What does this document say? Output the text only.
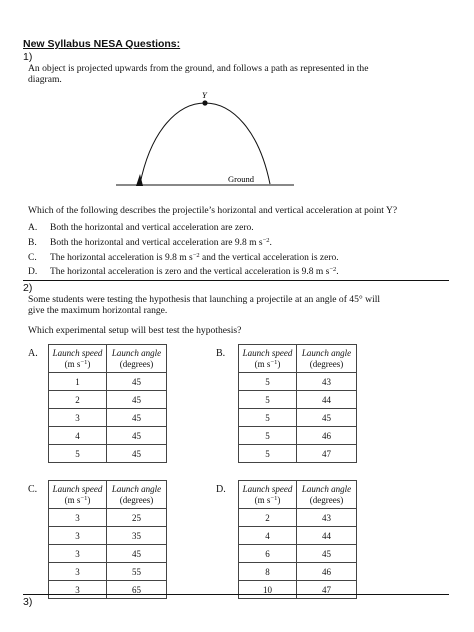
New Syllabus NESA Questions:
1)
An object is projected upwards from the ground, and follows a path as represented in the
diagram.
Y
Ground
Which of the following describes the projectile’s horizontal and vertical acceleration at point Y?
A. Both the horizontal and vertical acceleration are zero.
B. Both the horizontal and vertical acceleration are 9.8 m $s^{-2}$.
C. The horizontal acceleration is 9.8 m $s^{-2}$ and the vertical acceleration is zero.
D. The horizontal acceleration is zero and the vertical acceleration is 9.8 m $s^{-2}$.
2)
Some students were testing the hypothesis that launching a projectile at an angle of 45° will
give the maximum horizontal range.
Which experimental setup will best test the hypothesis?
A. Launch speed
(m $s^{-1}$)	Launch angle
(degrees)
1	45
2	45
3	45
4	45
5	45
B. Launch speed
(m $s^{-1}$)	Launch angle
(degrees)
5	43
5	44
5	45
5	46
5	47
C. Launch speed
(m $s^{-1}$)	Launch angle
(degrees)
3	25
3	35
3	45
3	55
3	65
D. Launch speed
(m $s^{-1}$)	Launch angle
(degrees)
2	43
4	44
6	45
8	46
10	47
3)
